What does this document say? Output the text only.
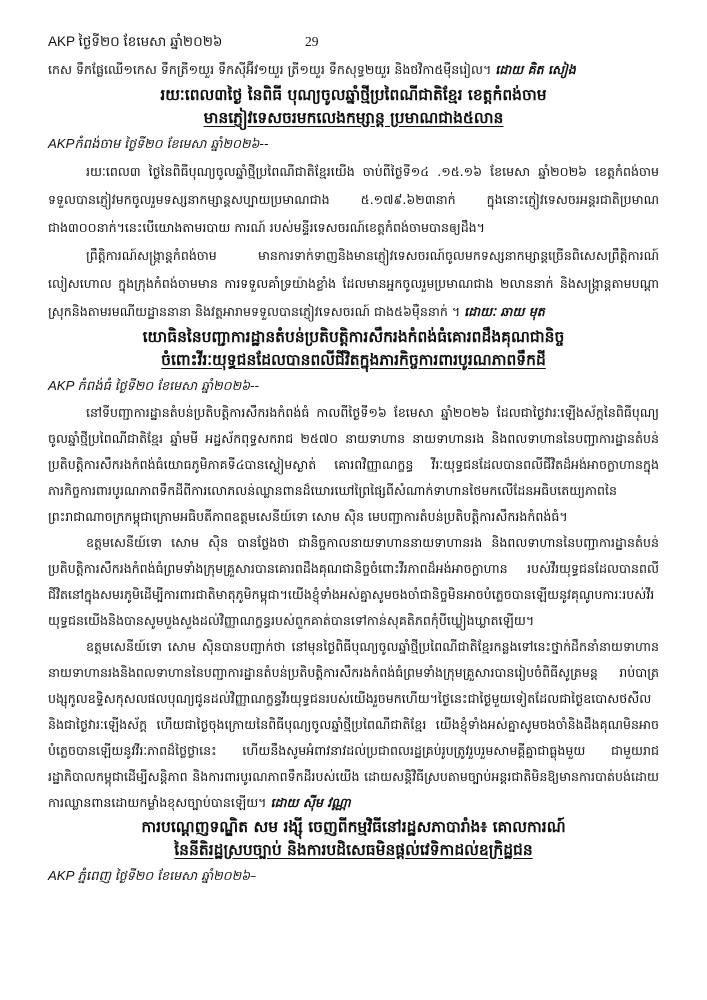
AKP ថ្ងៃទី២០ ខែមេសា ឆ្នាំ២០២៦	29

កេស ទឹកផ្លែឈើ១កេស ទឹកត្រី១យួរ ទឹកស៊ីអ៊ីវ១យួរ ត្រី១យួរ ទឹកសុទ្ធ២យួរ និងថវិកា៥ម៉ឺនរៀល។ ដោយ គិត សៀង

រយៈពេល៣ថ្ងៃ នៃពិធី បុណ្យចូលឆ្នាំថ្មីប្រពៃណីជាតិខ្មែរ ខេត្តកំពង់ចាម

មានភ្ញៀវទេសចរមកលេងកម្សាន្ត ប្រមាណជាង៥លាន

AKPកំពង់ចាម ថ្ងៃទី២០ ខែមេសា ឆ្នាំ២០២៦--

រយៈពេល៣ ថ្ងៃនៃពិធីបុណ្យចូលឆ្នាំថ្មីប្រពៃណីជាតិខ្មែរយើង ចាប់ពីថ្ងៃទី១៤ .១៥.១៦ ខែមេសា ឆ្នាំ២០២៦ ខេត្តកំពង់ចាម ទទួលបានភ្ញៀវមកចូលរួមទស្សនាកម្សាន្តសប្បាយប្រមាណជាង ៥.១៧៩.៦២៣នាក់ ក្នុងនោះភ្ញៀវទេសចរអន្តរជាតិប្រមាណជាង៣០០នាក់។នេះបើយោងតាមរបាយ ការណ៍ របស់មន្ទីរទេសចរណ៍ខេត្តកំពង់ចាមបានឲ្យដឹង។

ព្រឹត្តិការណ៍សង្ក្រាន្តកំពង់ចាម មានការទាក់ទាញនិងមានភ្ញៀវទេសចរណ៍ចូលមកទស្សនាកម្សាន្តច្រើនពិសេសព្រឹត្តិការណ៍លៀសហោល ក្នុងក្រុងកំពង់ចាមមាន ការទទួលគាំទ្រយ៉ាងខ្លាំង ដែលមានអ្នកចូលរួមប្រមាណជាង ២លាននាក់ និងសង្ក្រាន្តតាមបណ្តាស្រុកនិងតាមរមណីយដ្ឋាននានា និងវត្តអារាមទទួលបានភ្ញៀវទេសចរណ៍ ជាង៥៦ម៉ឺននាក់ ។ ដោយៈ ឆាយ មុត

យោធិននៃបញ្ជាការដ្ឋានតំបន់ប្រតិបត្តិការសឹករងកំពង់ធំគោរពដឹងគុណជានិច្ច

ចំពោះវីរៈយុទ្ធជនដែលបានពលីជីវិតក្នុងភារកិច្ចការពារបូរណភាពទឹកដី

AKP កំពង់ធំ ថ្ងៃទី២០ ខែមេសា ឆ្នាំ២០២៦--

នៅទីបញ្ជាការដ្ឋានតំបន់ប្រតិបត្តិការសឹករងកំពង់ធំ កាលពីថ្ងៃទី១៦ ខែមេសា ឆ្នាំ២០២៦ ដែលជាថ្ងៃវារៈឡើងស័ក្តនៃពិធីបុណ្យចូលឆ្នាំថ្មីប្រពៃណីជាតិខ្មែរ ឆ្នាំមមី អដ្ឋស័កពុទ្ធសករាជ ២៥៧០ នាយទាហាន នាយទាហានរង និងពលទាហាននៃបញ្ជាការដ្ឋានតំបន់ប្រតិបត្តិការសឹករងកំពង់ធំយោធភូមិភាគទី៤បានស្ងៀមស្ងាត់ គោរពវិញ្ញាណក្ខន្ធ វីរៈយុទ្ធជនដែលបានពលីជីវិតដ៏អង់អាចក្លាហានក្នុងភារកិច្ចការពារបូរណភាពទឹកដីពីការលោភលន់ឈ្លានពានដ៏ឃោរឃៅព្រៃផ្សៃពីសំណាក់ទាហានថៃមកលើដែនអធិបតេយ្យភាពនៃព្រះរាជាណាចក្រកម្ពុជាក្រោមអធិបតីភាពឧត្តមសេនីយ៍ទោ សោម ស៊ិន មេបញ្ជាការតំបន់ប្រតិបត្តិការសឹករងកំពង់ធំ។

ឧត្តមសេនីយ៍ទោ សោម ស៊ិន បានថ្លែងថា ជានិច្ចកាលនាយទាហាននាយទាហានរង និងពលទាហាននៃបញ្ជាការដ្ឋានតំបន់ប្រតិបត្តិការសឹករងកំពង់ធំព្រមទាំងក្រុមគ្រួសារបានគោរពដឹងគុណជានិច្ចចំពោះវីរភាពដ៏អង់អាចក្លាហាន របស់វីរយុទ្ធជនដែលបានពលីជីវិតនៅក្នុងសមរភូមិដើម្បីការពារជាតិមាតុភូមិកម្ពុជា។យើងខ្ញុំទាំងអស់គ្នាសូមចងចាំជានិច្ចមិនអាចបំភ្លេចបានឡើយនូវគុណូបការៈរបស់វីរយុទ្ធជនយើងនិងបានសូមបួងសួងដល់វិញ្ញាណក្ខន្ធរបស់ពួកគាត់បានទៅកាន់សុគតិភពកុំបីឃ្លៀងឃ្លាតឡើយ។

ឧត្តមសេនីយ៍ទោ សោម ស៊ិនបានបញ្ជាក់ថា នៅមុនថ្ងៃពិធីបុណ្យចូលឆ្នាំថ្មីប្រពៃណីជាតិខ្មែរកន្លងទៅនេះថ្នាក់ដឹកនាំនាយទាហាន នាយទាហានរងនិងពលទាហាននៃបញ្ជាការដ្ឋានតំបន់ប្រតិបត្តិការសឹករងកំពង់ធំព្រមទាំងក្រុមគ្រួសារបានរៀបចំពិធីសូត្រមន្ត រាប់បាត្រ បង្សុកូលឧទ្ទិសកុសលផលបុណ្យជូនដល់វិញ្ញាណក្ខន្ធវីរយុទ្ធជនរបស់យើងរួចមកហើយ។ថ្ងៃនេះជាថ្ងៃមួយទៀតដែលជាថ្ងៃឧបោសថសីលនិងជាថ្ងៃវារៈឡើងស័ក្ត ហើយជាថ្ងៃចុងក្រោយនៃពិធីបុណ្យចូលឆ្នាំថ្មីប្រពៃណីជាតិខ្មែរ យើងខ្ញុំទាំងអស់គ្នាសូមចងចាំនិងដឹងគុណមិនអាចបំភ្លេចបានឡើយនូវវីរៈភាពដ៏ថ្លៃថ្លានេះ ហើយនឹងសូមអំពាវនាវដល់ប្រជាពលរដ្ឋគ្រប់រូបត្រូវរួបរួមសាមគ្គីគ្នាជាធ្លុងមួយ ជាមួយរាជរដ្ឋាភិបាលកម្ពុជាដើម្បីសន្តិភាព និងការពារបូរណភាពទឹកដីរបស់យើង ដោយសន្តិវិធីស្របតាមច្បាប់អន្តរជាតិមិនឱ្យមានការបាត់បង់ដោយការឈ្លានពានដោយកម្លាំងខុសច្បាប់បានឡើយ។ ដោយ ស៊ីម វណ្ណា

ការបណ្តេញទណ្ឌិត សម រង្ស៊ី ចេញពីកម្មវិធីនៅរដ្ឋសភាបារាំង៖ គោលការណ៍

នៃនីតិរដ្ឋស្របច្បាប់ និងការបដិសេធមិនផ្តល់វេទិកាដល់ឧក្រិដ្ឋជន

AKP ភ្នំពេញ ថ្ងៃទី២០ ខែមេសា ឆ្នាំ២០២៦–
